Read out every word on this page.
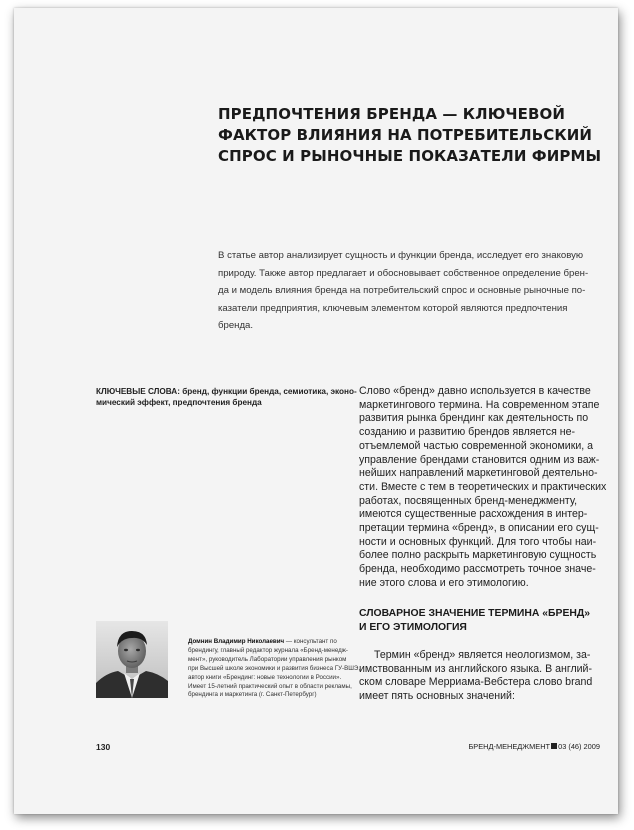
ПРЕДПОЧТЕНИЯ БРЕНДА — КЛЮЧЕВОЙ
ФАКТОР ВЛИЯНИЯ НА ПОТРЕБИТЕЛЬСКИЙ
СПРОС И РЫНОЧНЫЕ ПОКАЗАТЕЛИ ФИРМЫ
В статье автор анализирует сущность и функции бренда, исследует его знаковую
природу. Также автор предлагает и обосновывает собственное определение брен-
да и модель влияния бренда на потребительский спрос и основные рыночные по-
казатели предприятия, ключевым элементом которой являются предпочтения
бренда.
КЛЮЧЕВЫЕ СЛОВА: бренд, функции бренда, семиотика, эконо-
мический эффект, предпочтения бренда
Слово «бренд» давно используется в качестве
маркетингового термина. На современном этапе
развития рынка брендинг как деятельность по
созданию и развитию брендов является не-
отъемлемой частью современной экономики, а
управление брендами становится одним из важ-
нейших направлений маркетинговой деятельно-
сти. Вместе с тем в теоретических и практических
работах, посвященных бренд-менеджменту,
имеются существенные расхождения в интер-
претации термина «бренд», в описании его сущ-
ности и основных функций. Для того чтобы наи-
более полно раскрыть маркетинговую сущность
бренда, необходимо рассмотреть точное значе-
ние этого слова и его этимологию.
СЛОВАРНОЕ ЗНАЧЕНИЕ ТЕРМИНА «БРЕНД»
И ЕГО ЭТИМОЛОГИЯ
Термин «бренд» является неологизмом, за-
имствованным из английского языка. В англий-
ском словаре Мерриама-Вебстера слово brand
имеет пять основных значений:
Домнин Владимир Николаевич — консультант по
брендингу, главный редактор журнала «Бренд-менедж-
мент», руководитель Лаборатории управления рынком
при Высшей школе экономики и развития бизнеса ГУ-ВШЭ,
автор книги «Брендинг: новые технологии в России».
Имеет 15-летний практический опыт в области рекламы,
брендинга и маркетинга (г. Санкт-Петербург)
130	БРЕНД-МЕНЕДЖМЕНТ 03 (46) 2009
